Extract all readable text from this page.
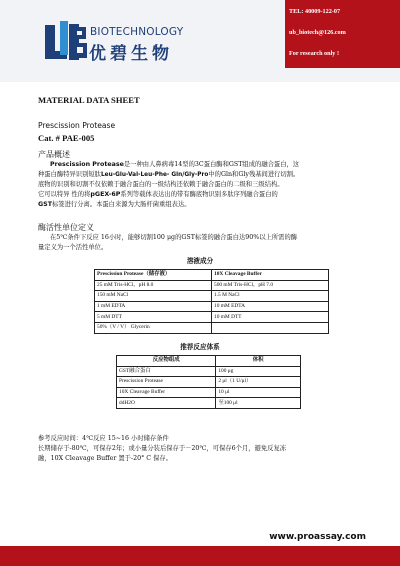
BIOTECHNOLOGY
优碧生物
TEL: 40009-122-07
ub_biotech@126.com
For research only !
MATERIAL DATA SHEET
Prescission Protease
Cat. # PAE-005
产品概述
Prescission Protease是一种由人鼻病毒14型的3C蛋白酶和GST组成的融合蛋白，这
种蛋白酶特异识别短肽Leu-Glu-Val-Leu-Phe- Gln/Gly-Pro中的Gln和Gly残基间进行切割。
底物的识别和切割不仅依赖于融合蛋白的一级结构还依赖于融合蛋白的二级和三级结构。
它可以特异 性的将pGEX-6P系列等载体表达出的带有酶底物识别多肽序列融合蛋白的
GST标签进行分离。本蛋白来源为大肠杆菌重组表达。
酶活性单位定义
在5℃条件下反应 16小时，能够切割100 μg的GST标签的融合蛋白达90%以上所需的酶
量定义为一个活性单位。
溶液成分
Prescission Protease（储存液）	10X Cleavage Buffer
25 mM Tris-HCl，pH 8.0	500 mM Tris-HCl，pH 7.0
150 mM NaCl	1.5 M NaCl
1 mM EDTA	10 mM EDTA
5 mM DTT	10 mM DTT
50%（V / V） Glycerin	
推荐反应体系
反应物组成	体积
GST融合蛋白	100 μg
Prescission Protease	2 μl（1 U/μl）
10X Cleavage Buffer	10 μl
ddH2O	至100 μl
参考反应时间：4℃反应 15~16 小时储存条件
长期储存于-80℃，可保存2年；或小量分装后保存于－20℃，可保存6个月，避免反复冻
融，10X Cleavage Buffer 置于-20° C 保存。
www.proassay.com
